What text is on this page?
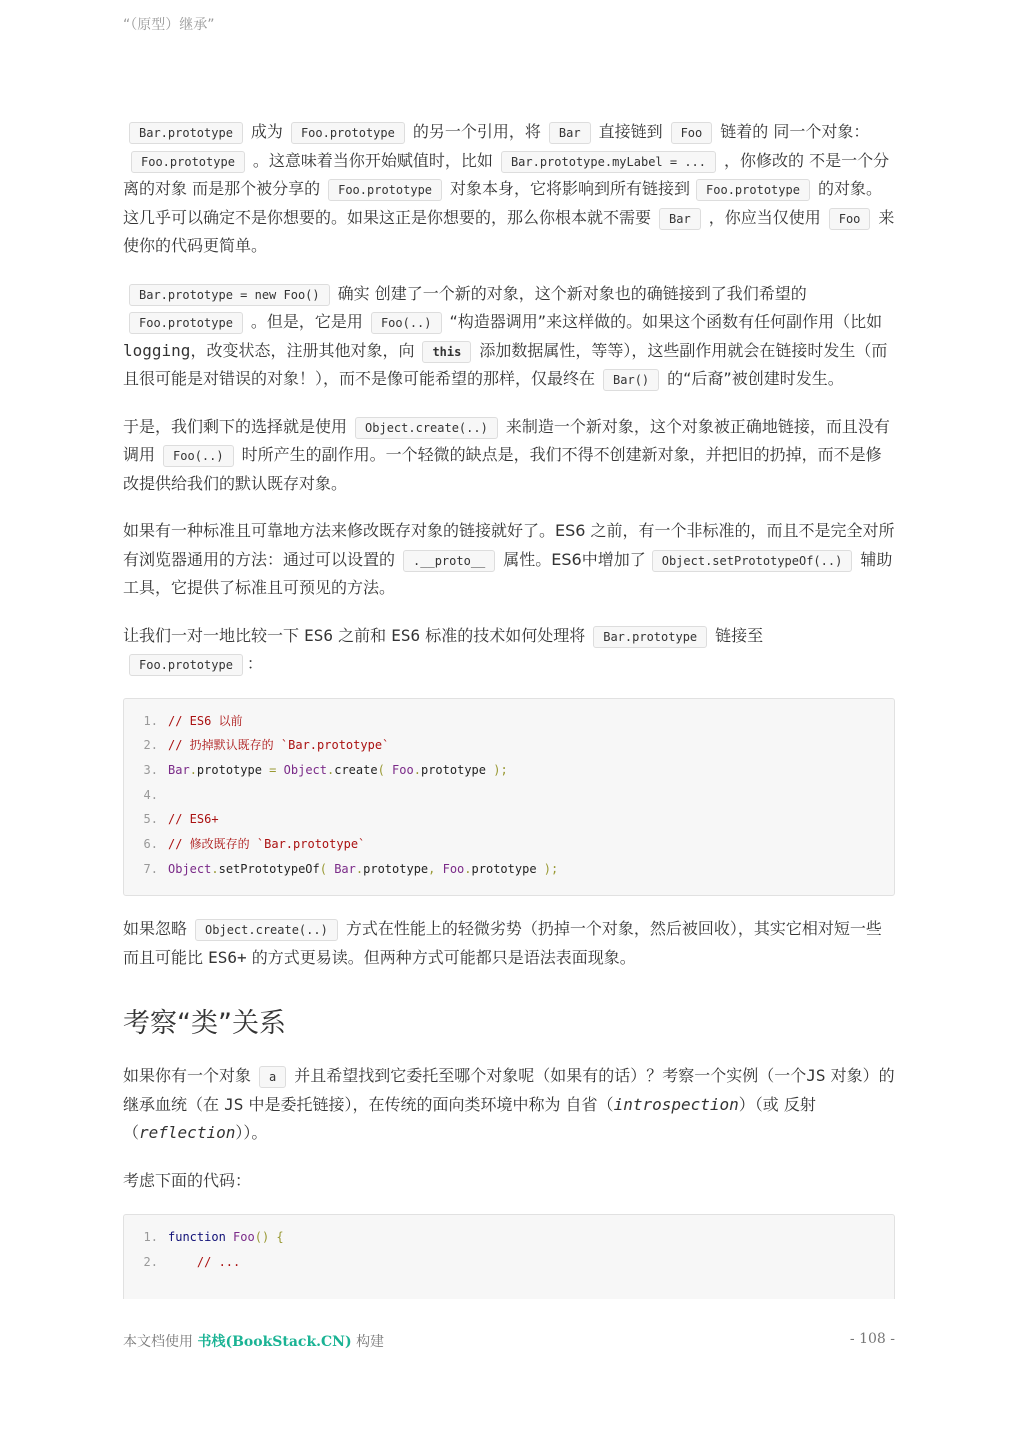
“（原型）继承”

Bar.prototype 成为 Foo.prototype 的另一个引用，将 Bar 直接链到 Foo 链着的 同一个对象：Foo.prototype 。这意味着当你开始赋值时，比如 Bar.prototype.myLabel = ... ，你修改的 不是一个分离的对象 而是那个被分享的 Foo.prototype 对象本身，它将影响到所有链接到 Foo.prototype 的对象。这几乎可以确定不是你想要的。如果这正是你想要的，那么你根本就不需要 Bar ，你应当仅使用 Foo 来使你的代码更简单。

Bar.prototype = new Foo() 确实 创建了一个新的对象，这个新对象也的确链接到了我们希望的Foo.prototype 。但是，它是用 Foo(..) “构造器调用”来这样做的。如果这个函数有任何副作用（比如 logging，改变状态，注册其他对象，向 this 添加数据属性，等等），这些副作用就会在链接时发生（而且很可能是对错误的对象！），而不是像可能希望的那样，仅最终在 Bar() 的“后裔”被创建时发生。

于是，我们剩下的选择就是使用 Object.create(..) 来制造一个新对象，这个对象被正确地链接，而且没有调用 Foo(..) 时所产生的副作用。一个轻微的缺点是，我们不得不创建新对象，并把旧的扔掉，而不是修改提供给我们的默认既存对象。

如果有一种标准且可靠地方法来修改既存对象的链接就好了。ES6 之前，有一个非标准的，而且不是完全对所有浏览器通用的方法：通过可以设置的 .__proto__ 属性。ES6中增加了 Object.setPrototypeOf(..) 辅助工具，它提供了标准且可预见的方法。

让我们一对一地比较一下 ES6 之前和 ES6 标准的技术如何处理将 Bar.prototype 链接至
Foo.prototype ：

1. // ES6 以前
2. // 扔掉默认既存的 `Bar.prototype`
3. Bar.prototype = Object.create( Foo.prototype );
4.
5. // ES6+
6. // 修改既存的 `Bar.prototype`
7. Object.setPrototypeOf( Bar.prototype, Foo.prototype );

如果忽略 Object.create(..) 方式在性能上的轻微劣势（扔掉一个对象，然后被回收），其实它相对短一些而且可能比 ES6+ 的方式更易读。但两种方式可能都只是语法表面现象。

考察“类”关系

如果你有一个对象 a 并且希望找到它委托至哪个对象呢（如果有的话）？考察一个实例（一个JS 对象）的继承血统（在 JS 中是委托链接），在传统的面向类环境中称为 自省（introspection）（或 反射（reflection））。

考虑下面的代码：

1. function Foo() {
2.	// ...
本文档使用 书栈(BookStack.CN) 构建	- 108 -
